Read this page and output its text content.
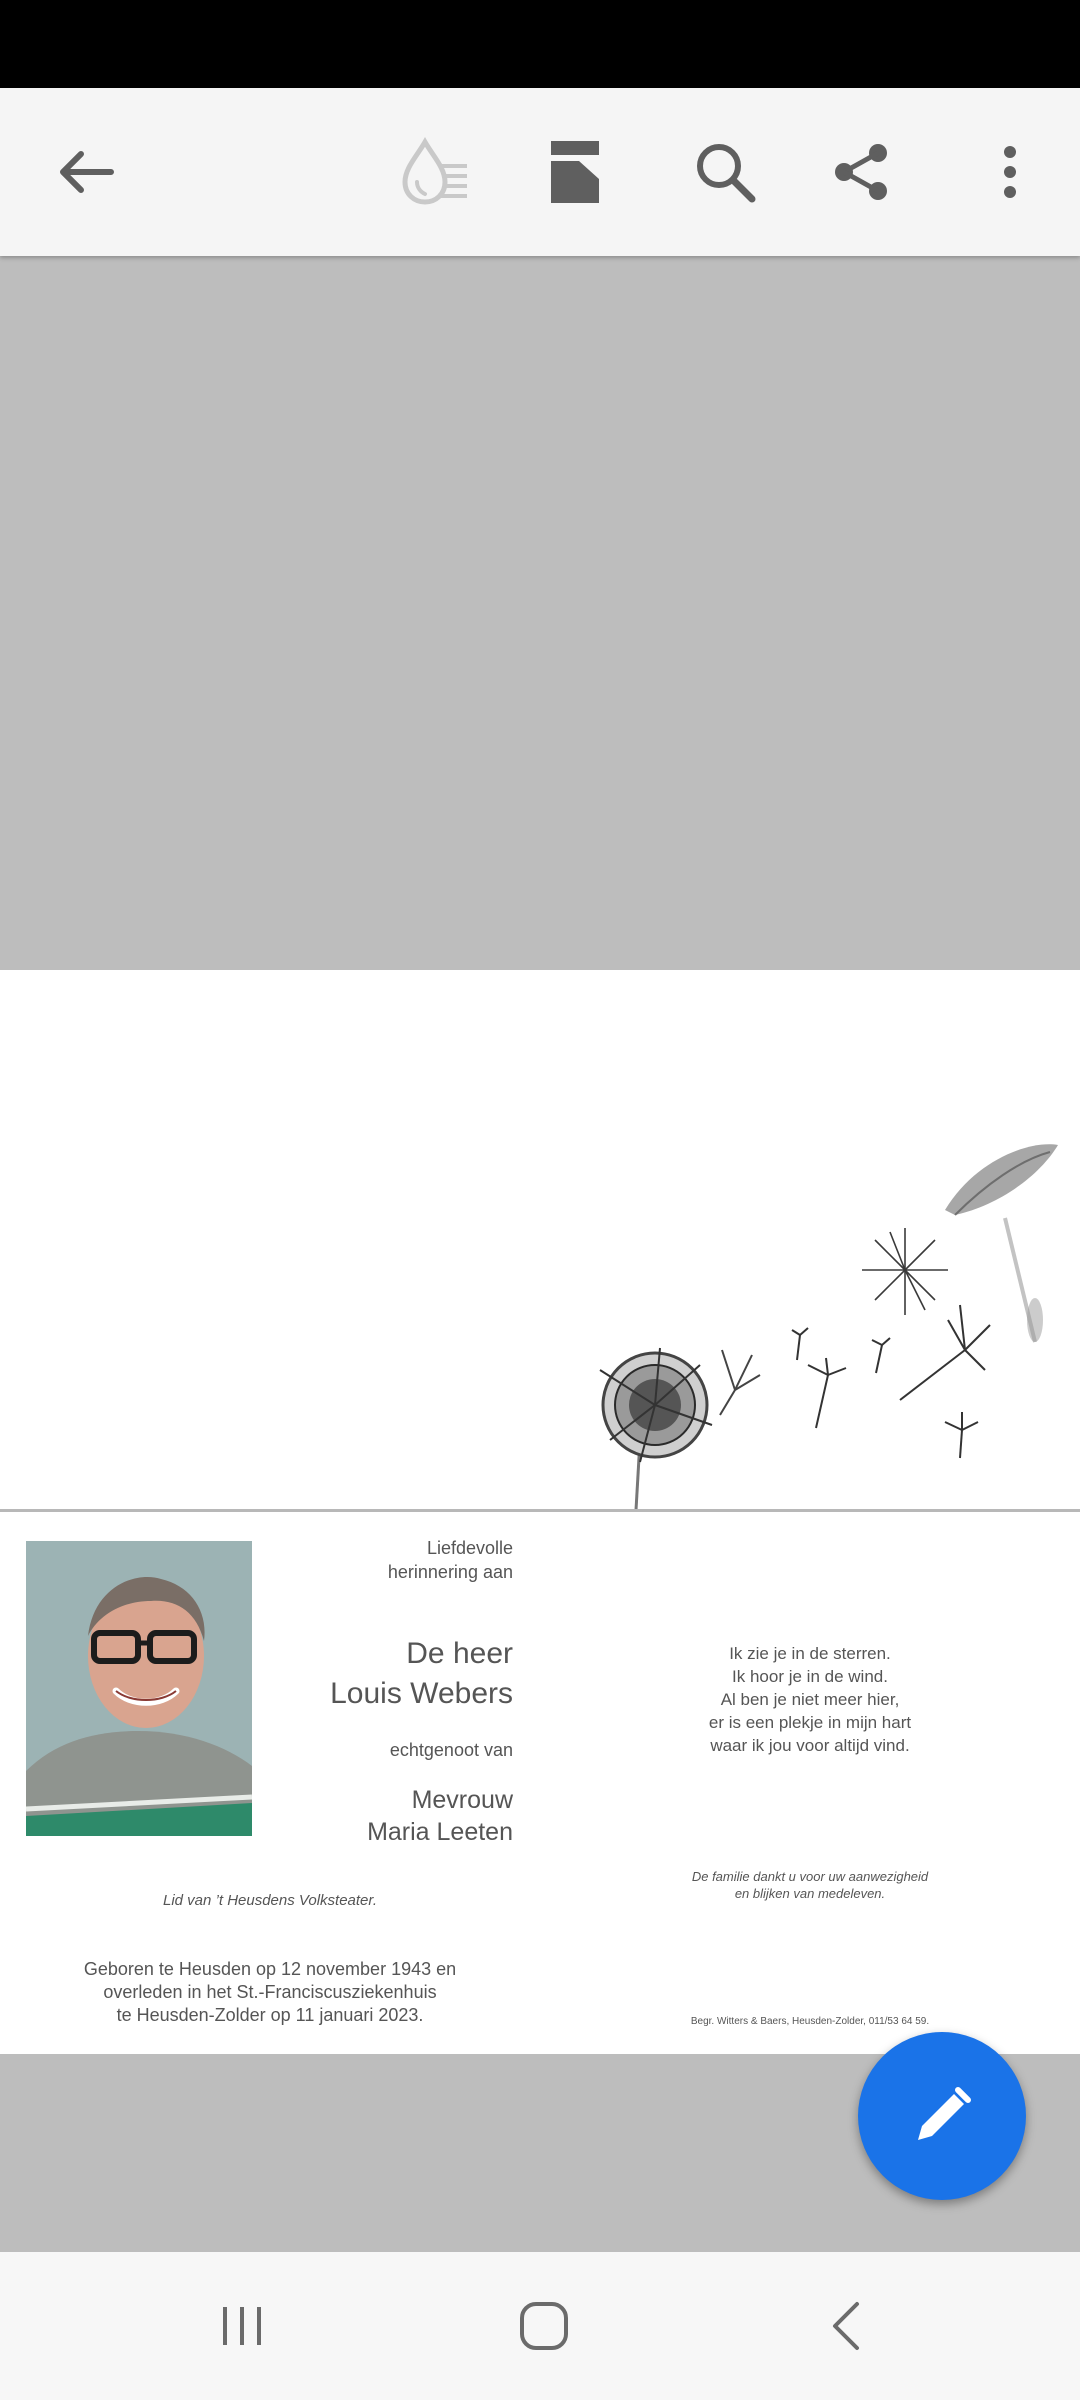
Liefdevolle
herinnering aan
De heer
Louis Webers
echtgenoot van
Mevrouw
Maria Leeten
Lid van ’t Heusdens Volksteater.
Geboren te Heusden op 12 november 1943 en
overleden in het St.-Franciscusziekenhuis
te Heusden-Zolder op 11 januari 2023.
Ik zie je in de sterren.
Ik hoor je in de wind.
Al ben je niet meer hier,
er is een plekje in mijn hart
waar ik jou voor altijd vind.
De familie dankt u voor uw aanwezigheid
en blijken van medeleven.
Begr. Witters & Baers, Heusden-Zolder, 011/53 64 59.
